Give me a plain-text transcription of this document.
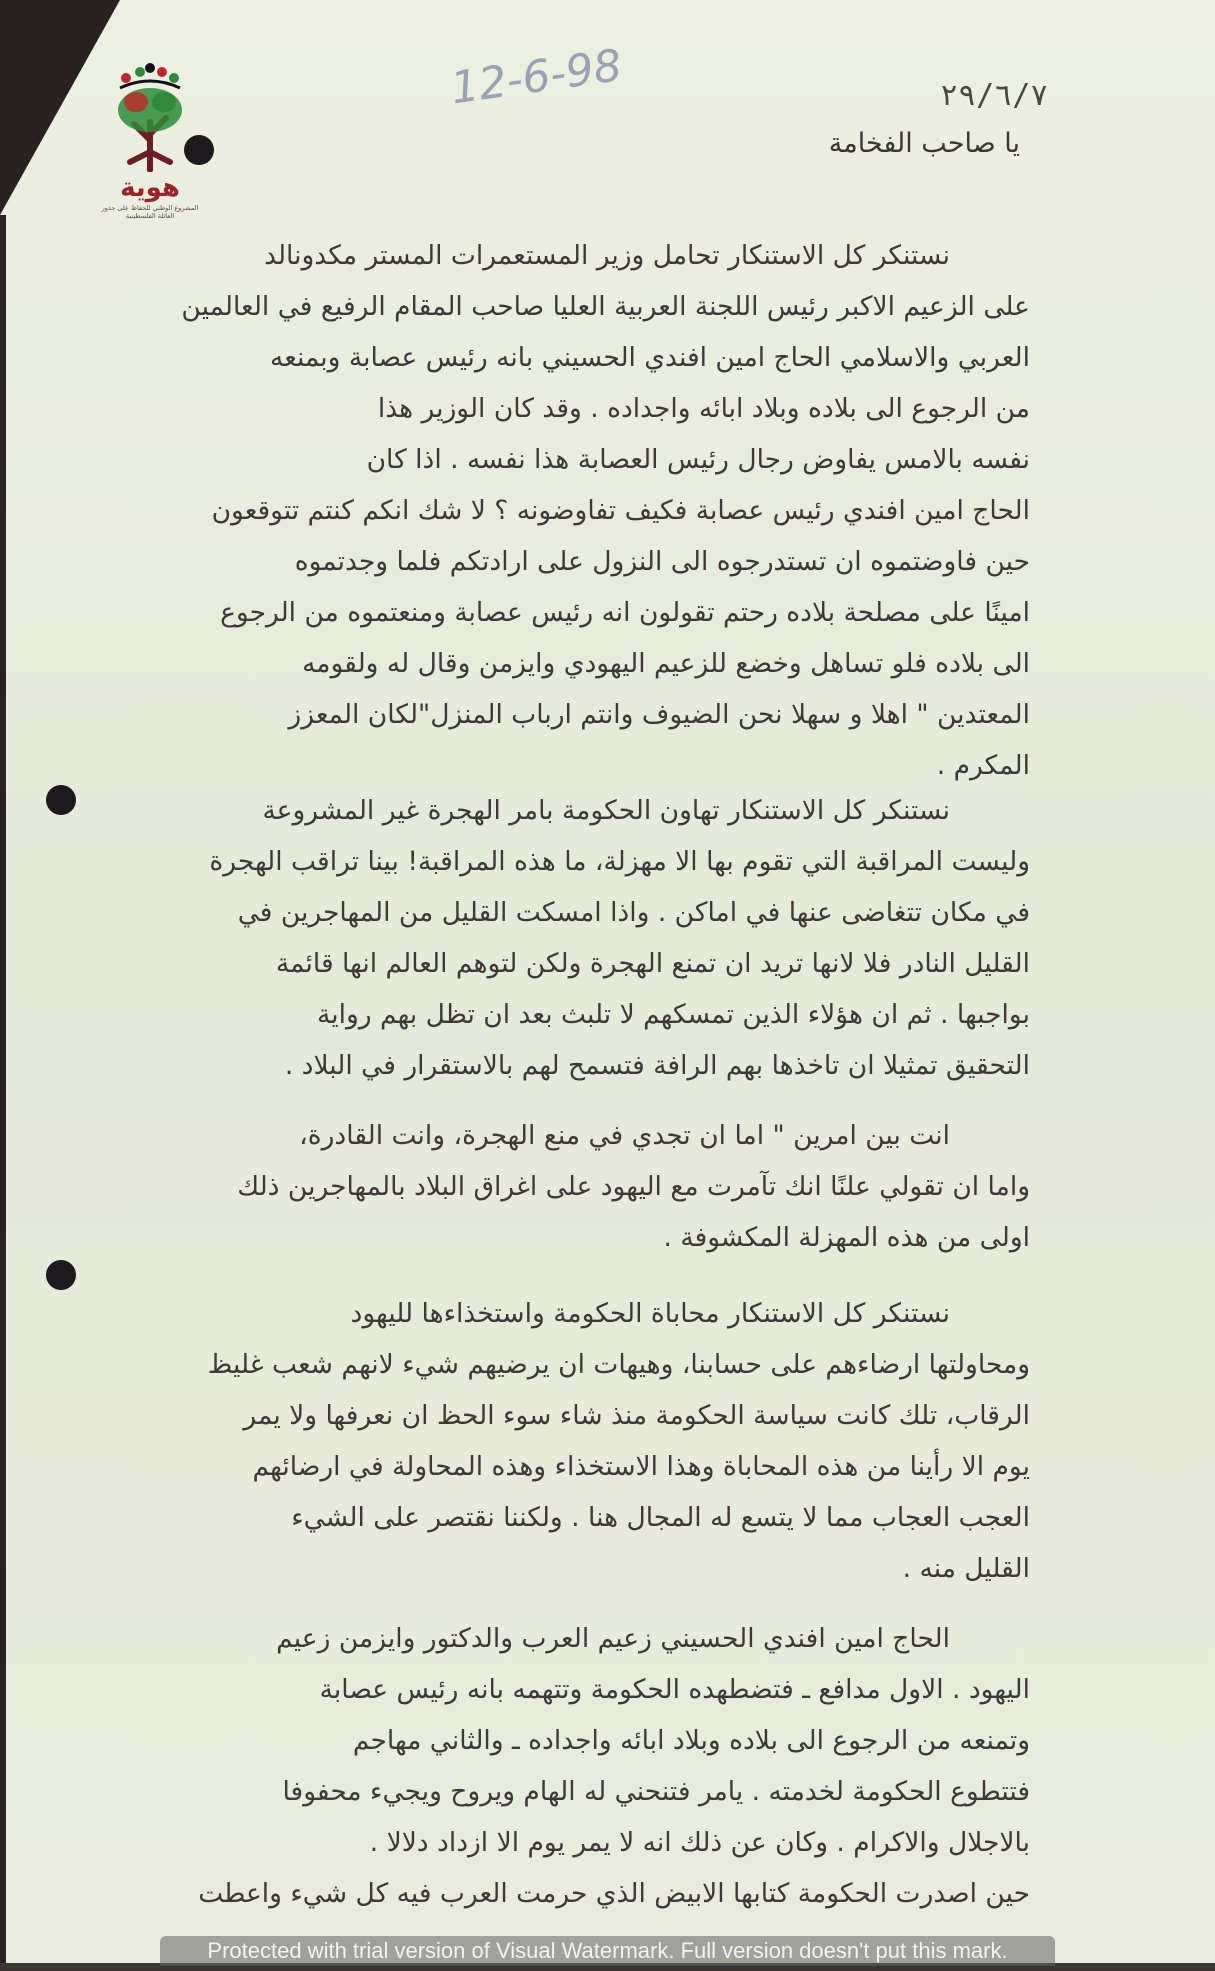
هوية
المشروع الوطني للحفاظ على جذور العائلة الفلسطينية
12-6-98	٢٩/٦/٧
يا صاحب الفخامة
نستنكر كل الاستنكار تحامل وزير المستعمرات المستر مكدونالد
على الزعيم الاكبر رئيس اللجنة العربية العليا صاحب المقام الرفيع في العالمين
العربي والاسلامي الحاج امين افندي الحسيني بانه رئيس عصابة وبمنعه
من الرجوع الى بلاده وبلاد ابائه واجداده . وقد كان الوزير هذا
نفسه بالامس يفاوض رجال رئيس العصابة هذا نفسه . اذا كان
الحاج امين افندي رئيس عصابة فكيف تفاوضونه ؟ لا شك انكم كنتم تتوقعون
حين فاوضتموه ان تستدرجوه الى النزول على ارادتكم فلما وجدتموه
امينًا على مصلحة بلاده رحتم تقولون انه رئيس عصابة ومنعتموه من الرجوع
الى بلاده فلو تساهل وخضع للزعيم اليهودي وايزمن وقال له ولقومه
المعتدين " اهلا و سهلا نحن الضيوف وانتم ارباب المنزل"لكان المعزز
المكرم .
نستنكر كل الاستنكار تهاون الحكومة بامر الهجرة غير المشروعة
وليست المراقبة التي تقوم بها الا مهزلة، ما هذه المراقبة! بينا تراقب الهجرة
في مكان تتغاضى عنها في اماكن . واذا امسكت القليل من المهاجرين في
القليل النادر فلا لانها تريد ان تمنع الهجرة ولكن لتوهم العالم انها قائمة
بواجبها . ثم ان هؤلاء الذين تمسكهم لا تلبث بعد ان تظل بهم رواية
التحقيق تمثيلا ان تاخذها بهم الرافة فتسمح لهم بالاستقرار في البلاد .
انت بين امرين " اما ان تجدي في منع الهجرة، وانت القادرة،
واما ان تقولي علنًا انك تآمرت مع اليهود على اغراق البلاد بالمهاجرين ذلك
اولى من هذه المهزلة المكشوفة .
نستنكر كل الاستنكار محاباة الحكومة واستخذاءها لليهود
ومحاولتها ارضاءهم على حسابنا، وهيهات ان يرضيهم شيء لانهم شعب غليظ
الرقاب، تلك كانت سياسة الحكومة منذ شاء سوء الحظ ان نعرفها ولا يمر
يوم الا رأينا من هذه المحاباة وهذا الاستخذاء وهذه المحاولة في ارضائهم
العجب العجاب مما لا يتسع له المجال هنا . ولكننا نقتصر على الشيء
القليل منه .
الحاج امين افندي الحسيني زعيم العرب والدكتور وايزمن زعيم
اليهود . الاول مدافع ـ فتضطهده الحكومة وتتهمه بانه رئيس عصابة
وتمنعه من الرجوع الى بلاده وبلاد ابائه واجداده ـ والثاني مهاجم
فتتطوع الحكومة لخدمته . يامر فتنحني له الهام ويروح ويجيء محفوفا
بالاجلال والاكرام . وكان عن ذلك انه لا يمر يوم الا ازداد دلالا .
حين اصدرت الحكومة كتابها الابيض الذي حرمت العرب فيه كل شيء واعطت
Protected with trial version of Visual Watermark. Full version doesn't put this mark.
